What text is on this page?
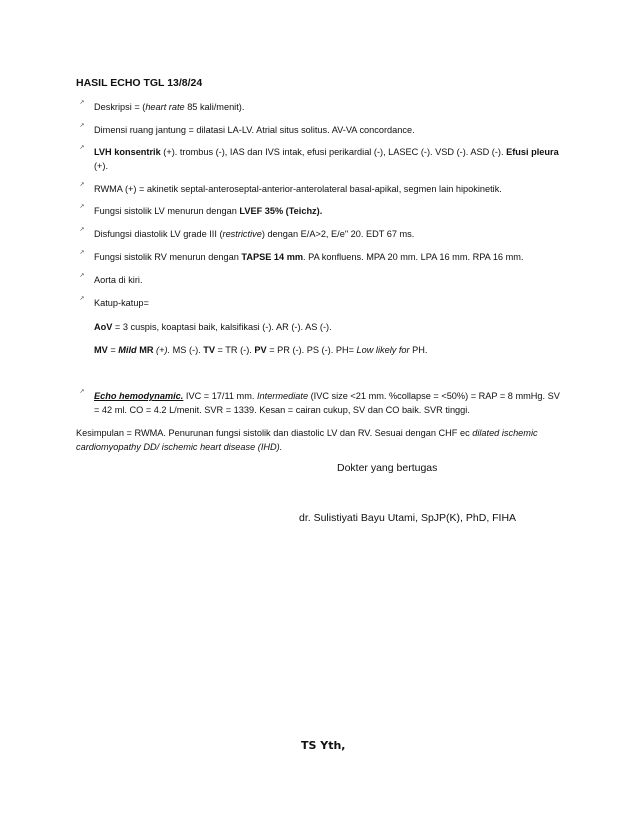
HASIL ECHO TGL 13/8/24
↗	Deskripsi = (heart rate 85 kali/menit).
↗	Dimensi ruang jantung = dilatasi LA-LV. Atrial situs solitus. AV-VA concordance.
↗	LVH konsentrik (+). trombus (-), IAS dan IVS intak, efusi perikardial (-), LASEC (-). VSD (-). ASD (-). Efusi pleura (+).
↗	RWMA (+) = akinetik septal-anteroseptal-anterior-anterolateral basal-apikal, segmen lain hipokinetik.
↗	Fungsi sistolik LV menurun dengan LVEF 35% (Teichz).
↗	Disfungsi diastolik LV grade III (restrictive) dengan E/A>2, E/e" 20. EDT 67 ms.
↗	Fungsi sistolik RV menurun dengan TAPSE 14 mm. PA konfluens. MPA 20 mm. LPA 16 mm. RPA 16 mm.
↗	Aorta di kiri.
↗	Katup-katup=
AoV = 3 cuspis, koaptasi baik, kalsifikasi (-). AR (-). AS (-).
MV = Mild MR (+). MS (-). TV = TR (-). PV = PR (-). PS (-). PH= Low likely for PH.
↗	Echo hemodynamic. IVC = 17/11 mm. Intermediate (IVC size <21 mm. %collapse = <50%) = RAP = 8 mmHg. SV = 42 ml. CO = 4.2 L/menit. SVR = 1339. Kesan = cairan cukup, SV dan CO baik. SVR tinggi.
Kesimpulan = RWMA. Penurunan fungsi sistolik dan diastolic LV dan RV. Sesuai dengan CHF ec dilated ischemic cardiomyopathy DD/ ischemic heart disease (IHD).
Dokter yang bertugas
dr. Sulistiyati Bayu Utami, SpJP(K), PhD, FIHA
TS Yth,
